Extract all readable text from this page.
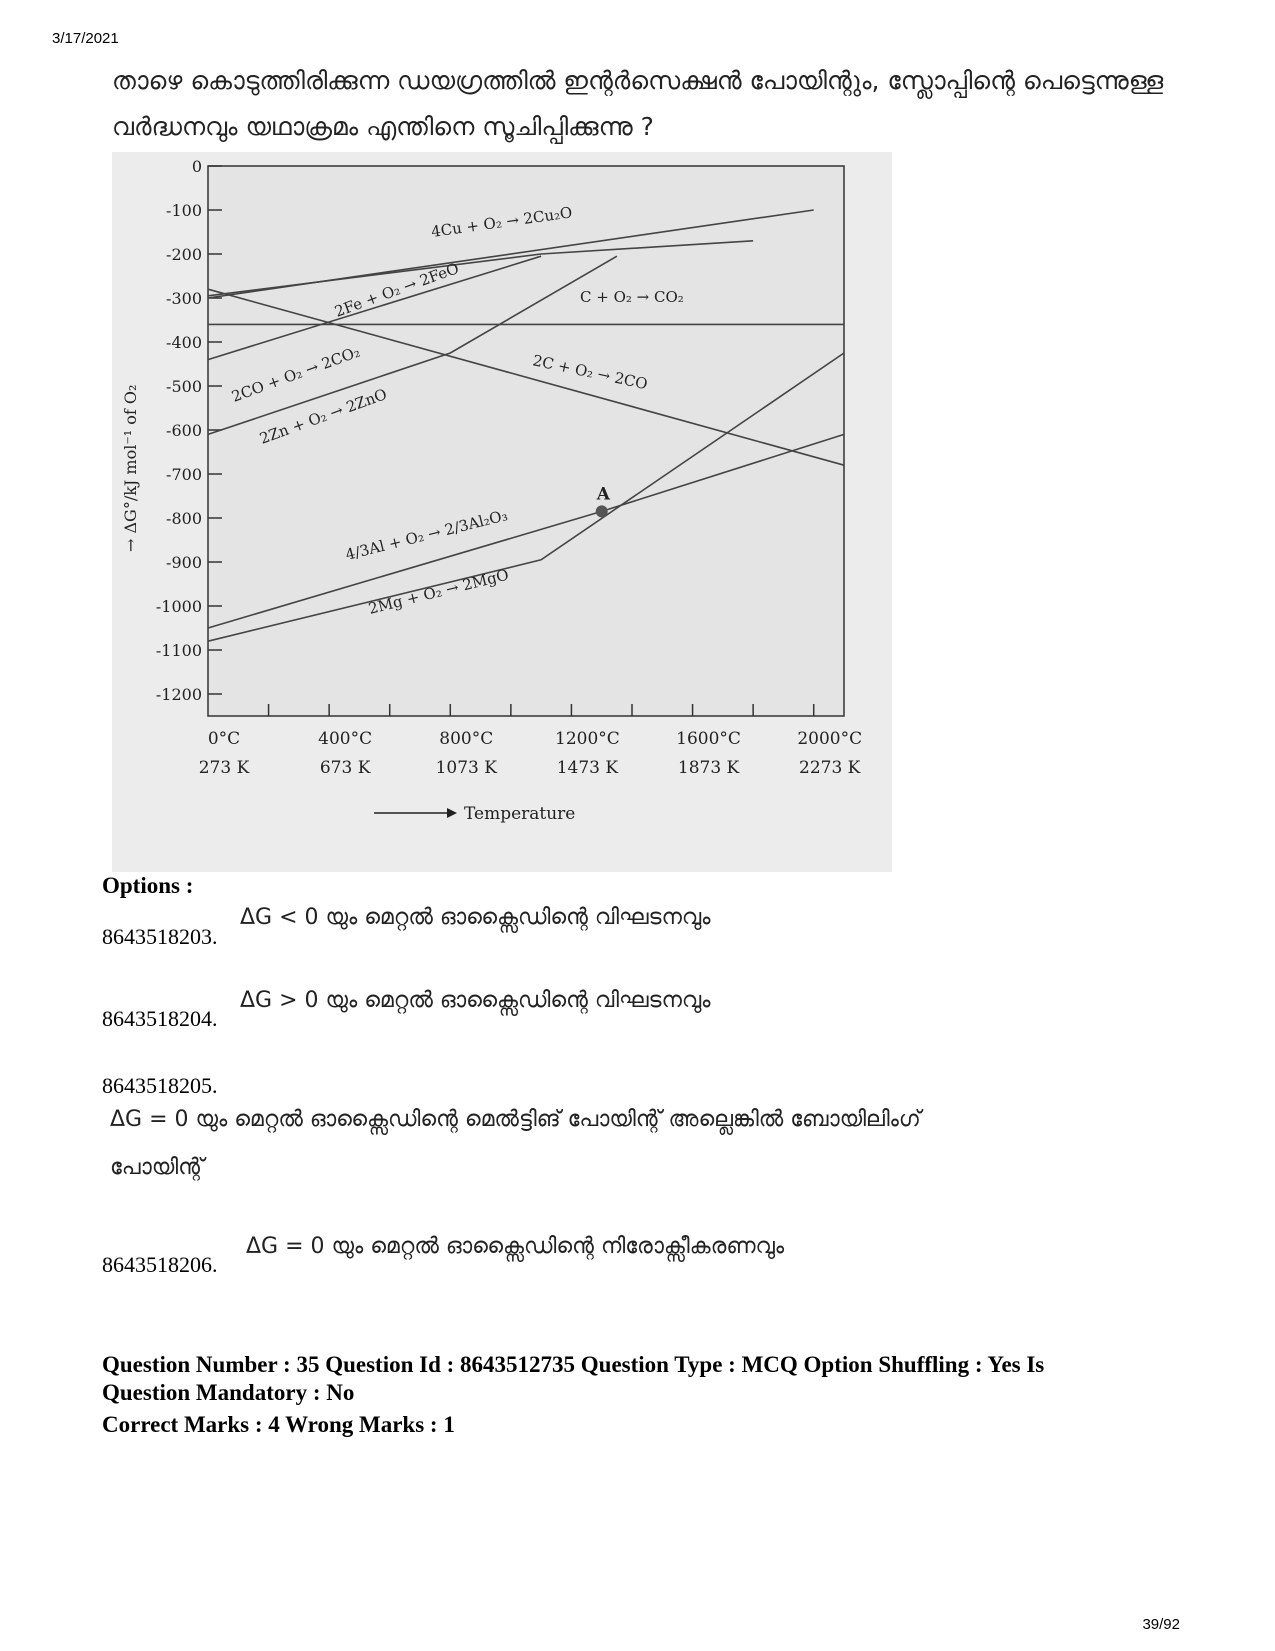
3/17/2021
താഴെ കൊടുത്തിരിക്കുന്ന ഡയഗ്രത്തിൽ ഇന്റർസെക്ഷൻ പോയിന്റും, സ്ലോപ്പിന്റെ പെട്ടെന്നുള്ള
വർദ്ധനവും യഥാക്രമം എന്തിനെ സൂചിപ്പിക്കുന്നു ?
0
-100
-200
-300
-400
-500
-600
-700
-800
-900
-1000
-1100
-1200
0°C
273 K
400°C
673 K
800°C
1073 K
1200°C
1473 K
1600°C
1873 K
2000°C
2273 K
4Cu + O₂ → 2Cu₂O
2Fe + O₂ → 2FeO	C + O₂ → CO₂
2C + O₂ → 2CO
2CO + O₂ → 2CO₂
2Zn + O₂ → 2ZnO
4/3Al + O₂ → 2/3Al₂O₃
2Mg + O₂ → 2MgO
A
→ ΔG°/kJ mol⁻¹ of O₂
Temperature
Options :
8643518203.
ΔG < 0 യും മെറ്റൽ ഓക്സൈഡിന്റെ വിഘടനവും
8643518204.
ΔG > 0 യും മെറ്റൽ ഓക്സൈഡിന്റെ വിഘടനവും
8643518205.
ΔG = 0 യും മെറ്റൽ ഓക്സൈഡിന്റെ മെൽട്ടിങ് പോയിന്റ് അല്ലെങ്കിൽ ബോയിലിംഗ്
പോയിന്റ്
8643518206.
ΔG = 0 യും മെറ്റൽ ഓക്സൈഡിന്റെ നിരോക്സീകരണവും
Question Number : 35 Question Id : 8643512735 Question Type : MCQ Option Shuffling : Yes Is
Question Mandatory : No
Correct Marks : 4 Wrong Marks : 1
39/92
